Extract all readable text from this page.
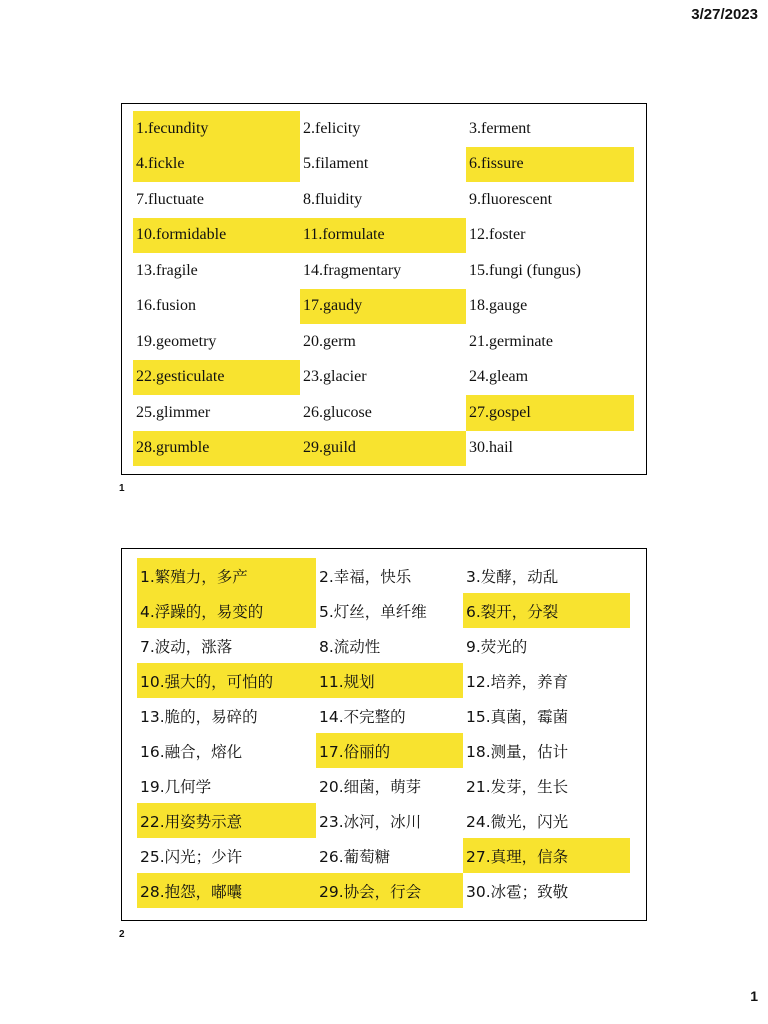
3/27/2023
1.fecundity	2.felicity	3.ferment
4.fickle	5.filament	6.fissure
7.fluctuate	8.fluidity	9.fluorescent
10.formidable	11.formulate	12.foster
13.fragile	14.fragmentary	15.fungi (fungus)
16.fusion	17.gaudy	18.gauge
19.geometry	20.germ	21.germinate
22.gesticulate	23.glacier	24.gleam
25.glimmer	26.glucose	27.gospel
28.grumble	29.guild	30.hail
1
1.繁殖力，多产	2.幸福，快乐	3.发酵，动乱
4.浮躁的，易变的	5.灯丝，单纤维	6.裂开，分裂
7.波动，涨落	8.流动性	9.荧光的
10.强大的，可怕的	11.规划	12.培养，养育
13.脆的，易碎的	14.不完整的	15.真菌，霉菌
16.融合，熔化	17.俗丽的	18.测量，估计
19.几何学	20.细菌，萌芽	21.发芽，生长
22.用姿势示意	23.冰河，冰川	24.微光，闪光
25.闪光；少许	26.葡萄糖	27.真理，信条
28.抱怨，嘟囔	29.协会，行会	30.冰雹；致敬
2
1
